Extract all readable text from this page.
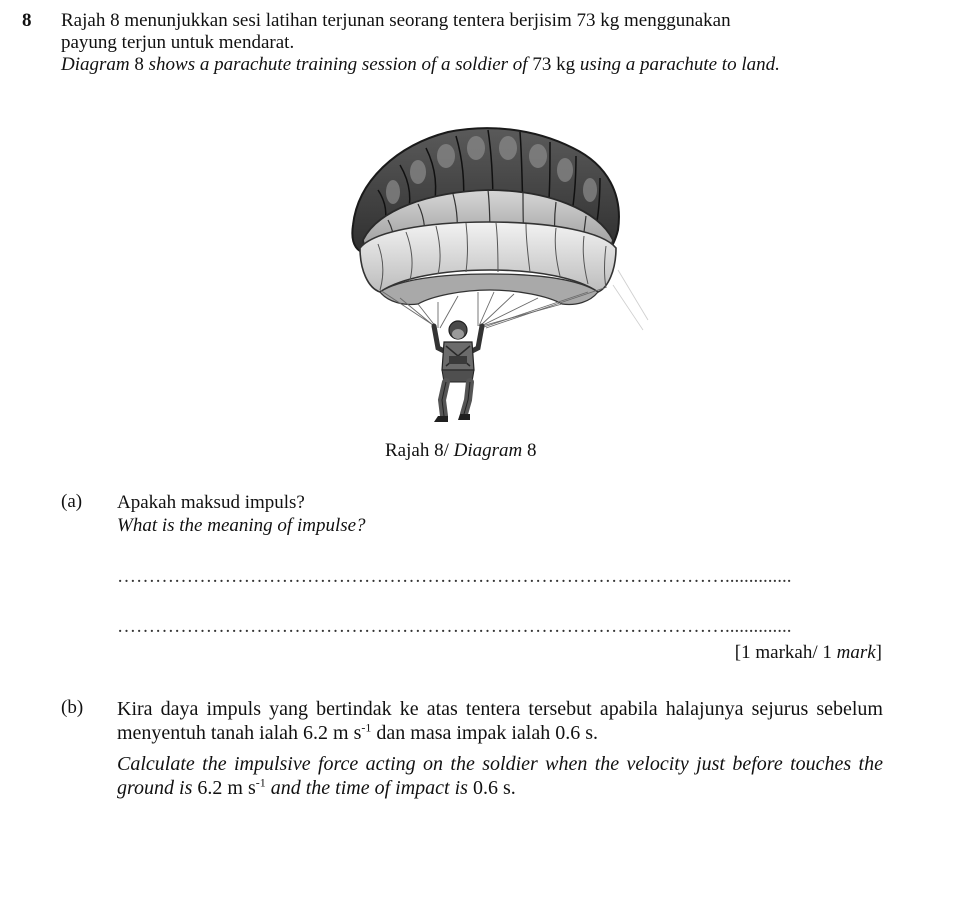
8 Rajah 8 menunjukkan sesi latihan terjunan seorang tentera berjisim 73 kg menggunakan
payung terjun untuk mendarat.
Diagram 8 shows a parachute training session of a soldier of 73 kg using a parachute to land.
Rajah 8/ Diagram 8
(a) Apakah maksud impuls?
What is the meaning of impulse?
……………………………………………………………………………………..............
……………………………………………………………………………………..............
[1 markah/ 1 mark]
(b) Kira daya impuls yang bertindak ke atas tentera tersebut apabila halajunya sejurus sebelum menyentuh tanah ialah 6.2 m $s^{-1}$ dan masa impak ialah 0.6 s.
Calculate the impulsive force acting on the soldier when the velocity just before touches the ground is 6.2 m $s^{-1}$ and the time of impact is 0.6 s.
